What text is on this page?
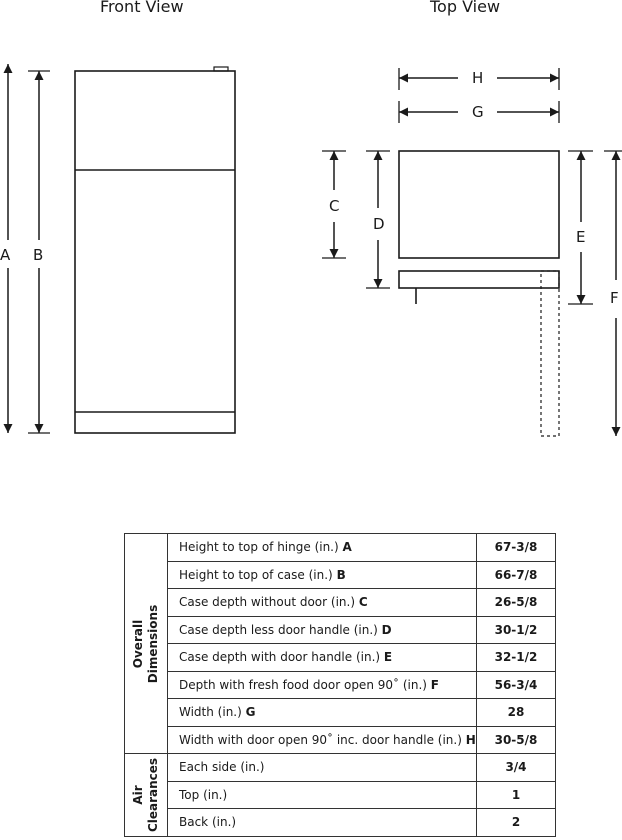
Front View	Top View
A B
H
G
C
D
E
F
Overall Dimensions	Height to top of hinge (in.) A	67-3/8
	Height to top of case (in.) B	66-7/8
	Case depth without door (in.) C	26-5/8
	Case depth less door handle (in.) D	30-1/2
	Case depth with door handle (in.) E	32-1/2
	Depth with fresh food door open 90˚ (in.) F	56-3/4
	Width (in.) G	28
	Width with door open 90˚ inc. door handle (in.) H	30-5/8

Air Clearances	Each side (in.)	3/4
	Top (in.)	1
	Back (in.)	2
